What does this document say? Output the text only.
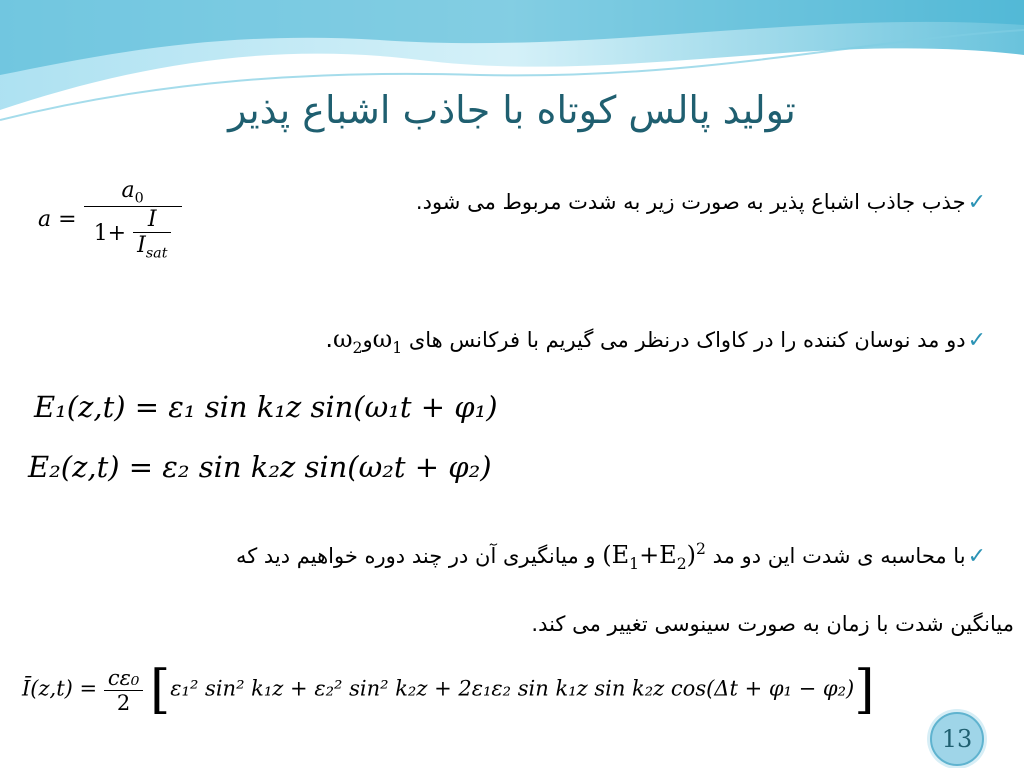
تولید پالس کوتاه با جاذب اشباع پذیر
✓جذب جاذب اشباع پذیر به صورت زیر به شدت مربوط می شود.
$a = \frac{a_0}{1+ \frac{I}{I_{sat}}}$
✓دو مد نوسان کننده را در کاواک درنظر می گیریم با فرکانس های $\omega_1و\omega_2$.
E₁(z,t) = ε₁ sin k₁z sin(ω₁t + φ₁)
E₂(z,t) = ε₂ sin k₂z sin(ω₂t + φ₂)
✓با محاسبه ی شدت این دو مد $(E_1+E_2)^2$ و میانگیری آن در چند دوره خواهیم دید که
میانگین شدت با زمان به صورت سینوسی تغییر می کند.
Ī(z,t) = $\frac{\text{cε₀}}{2} [\varepsilon_1^2$ sin² k₁z + ε₂² sin² k₂z + 2ε₁ε₂ sin k₁z sin k₂z cos(Δt + φ₁ − φ₂)]
13
